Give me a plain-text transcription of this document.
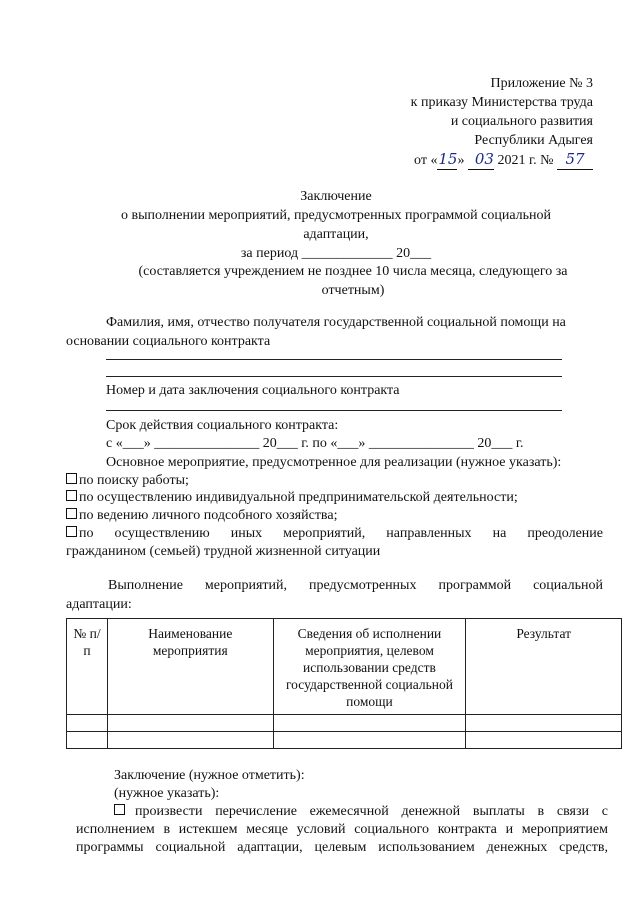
Приложение № 3
к приказу Министерства труда
и социального развития
Республики Адыгея
от «15» 03 2021 г. № 57
Заключение
о выполнении мероприятий, предусмотренных программой социальной
адаптации,
за период _____________ 20___
(составляется учреждением не позднее 10 числа месяца, следующего за
отчетным)
Фамилия, имя, отчество получателя государственной социальной помощи на
основании социального контракта
Номер и дата заключения социального контракта
Срок действия социального контракта:
с «___» _______________ 20___ г. по «___» _______________ 20___ г.
Основное мероприятие, предусмотренное для реализации (нужное указать):
по поиску работы;
по осуществлению индивидуальной предпринимательской деятельности;
по ведению личного подсобного хозяйства;
по осуществлению иных мероприятий, направленных на преодоление
гражданином (семьей) трудной жизненной ситуации
Выполнение мероприятий, предусмотренных программой социальной
адаптации:
№ п/п	Наименование мероприятия	Сведения об исполнении мероприятия, целевом использовании средств государственной социальной помощи	Результат

Заключение (нужное отметить):
(нужное указать):
произвести перечисление ежемесячной денежной выплаты в связи с
исполнением в истекшем месяце условий социального контракта и мероприятием
программы социальной адаптации, целевым использованием денежных средств,
